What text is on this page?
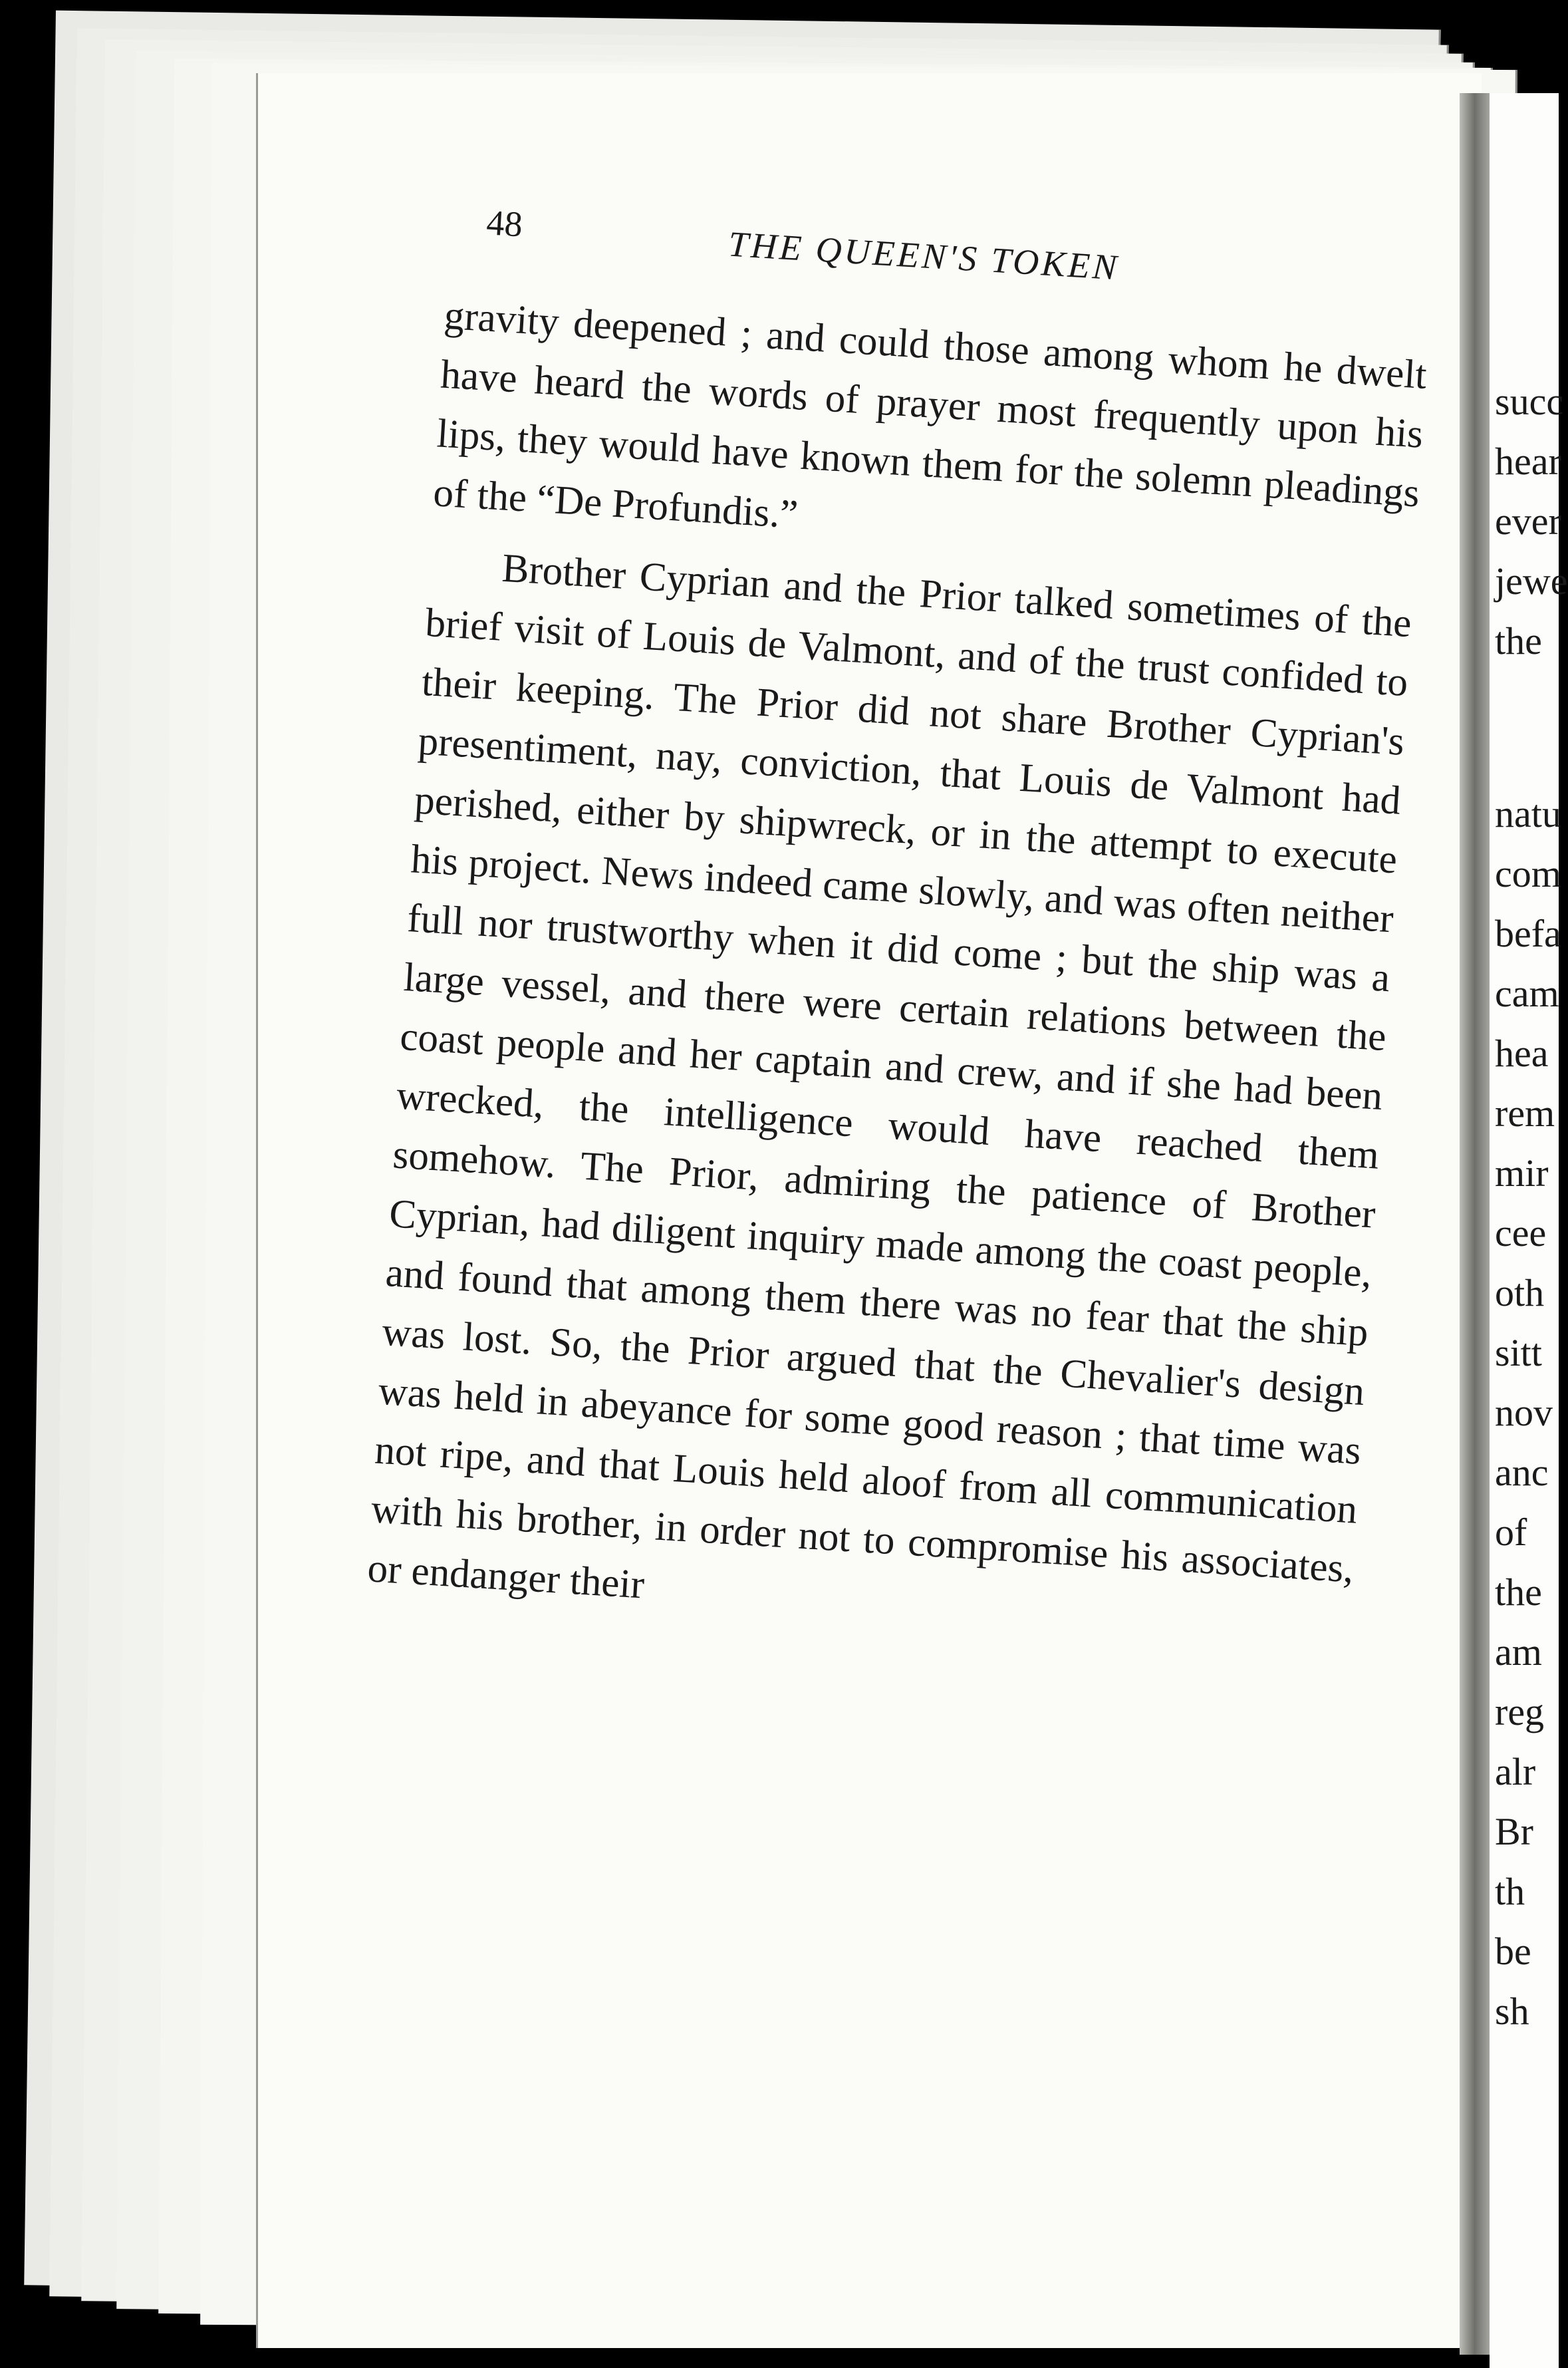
48
THE QUEEN'S TOKEN

gravity deepened ; and could those among whom he dwelt have heard the words of prayer most frequently upon his lips, they would have known them for the solemn pleadings of the “De Profundis.”

Brother Cyprian and the Prior talked sometimes of the brief visit of Louis de Valmont, and of the trust confided to their keeping. The Prior did not share Brother Cyprian's presentiment, nay, conviction, that Louis de Valmont had perished, either by shipwreck, or in the attempt to execute his project. News indeed came slowly, and was often neither full nor trustworthy when it did come ; but the ship was a large vessel, and there were certain relations between the coast people and her captain and crew, and if she had been wrecked, the intelligence would have reached them somehow. The Prior, admiring the patience of Brother Cyprian, had diligent inquiry made among the coast people, and found that among them there was no fear that the ship was lost. So, the Prior argued that the Chevalier's design was held in abeyance for some good reason ; that time was not ripe, and that Louis held aloof from all communication with his brother, in order not to compromise his associates, or endanger their

succ
hear
ever
jewe
the
natu
com
befa
cam
hea
rem
mir
cee
oth
sitt
nov
anc
of
the
am
reg
alr
Br
th
be
sh
